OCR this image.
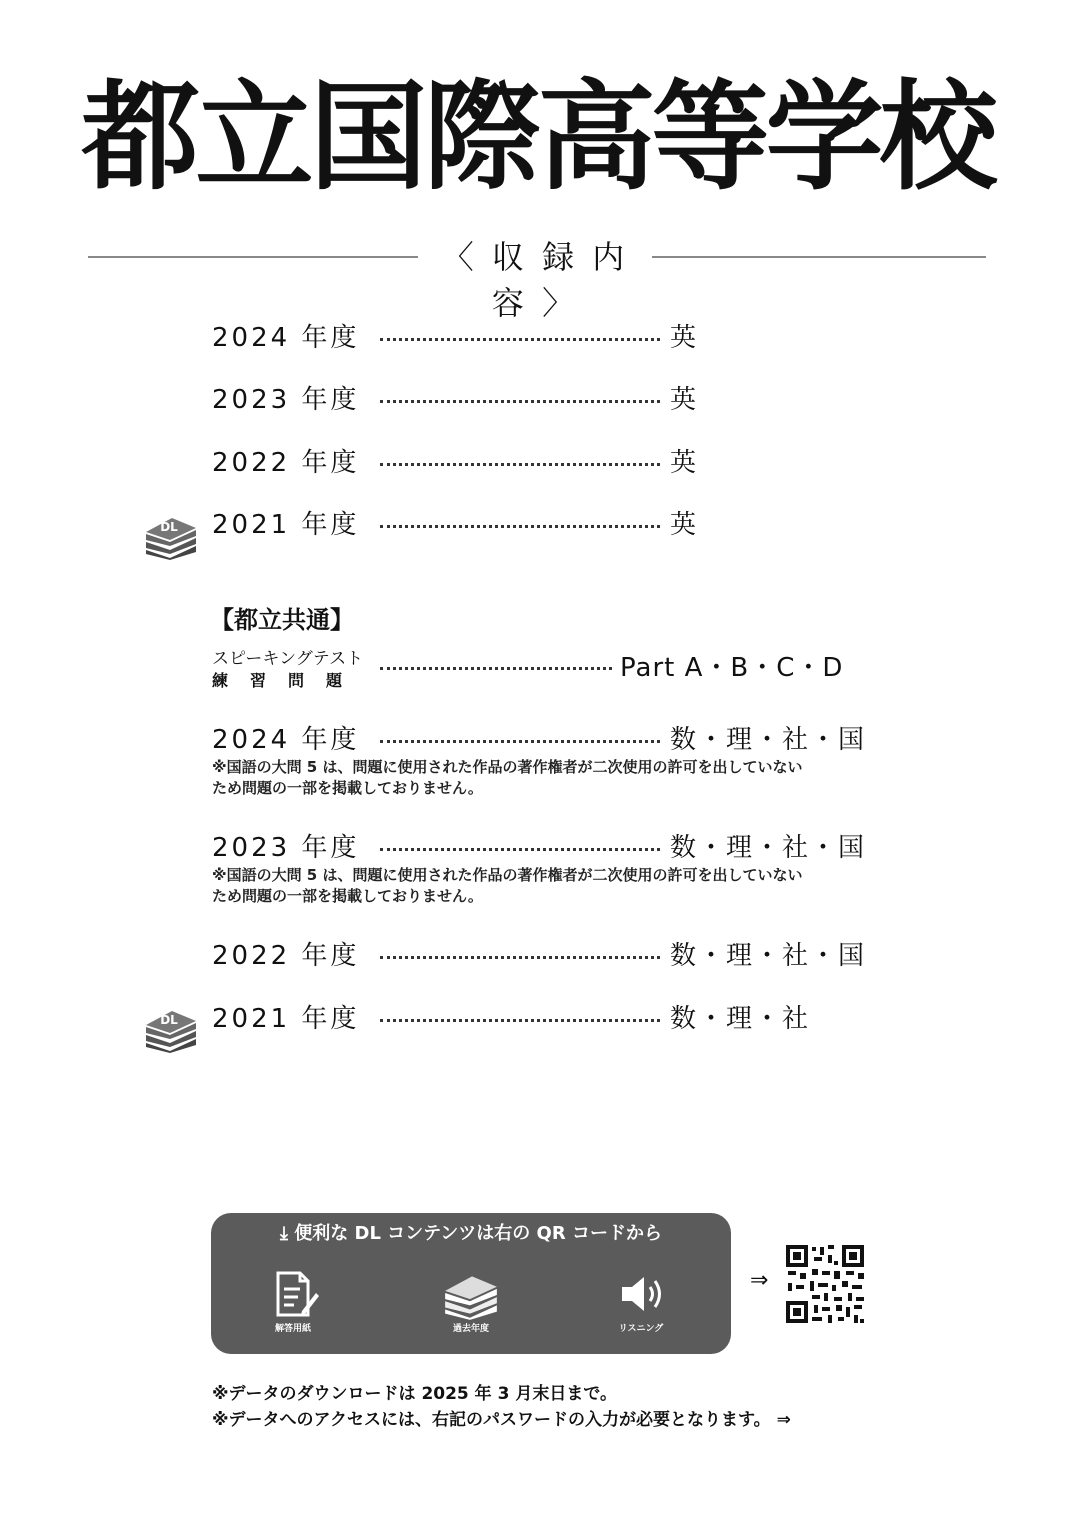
都立国際高等学校
〈 収 録 内 容 〉
2024 年度	英
2023 年度	英
2022 年度	英
2021 年度	英
DL
【都立共通】
スピーキングテスト
練習問題	Part A・B・C・D
2024 年度	数・理・社・国
※国語の大問 5 は、問題に使用された作品の著作権者が二次使用の許可を出していない
ため問題の一部を掲載しておりません。
2023 年度	数・理・社・国
※国語の大問 5 は、問題に使用された作品の著作権者が二次使用の許可を出していない
ため問題の一部を掲載しておりません。
2022 年度	数・理・社・国
2021 年度	数・理・社
DL
⤓ 便利な DL コンテンツは右の QR コードから
解答用紙	過去年度	リスニング
⇒
※データのダウンロードは 2025 年 3 月末日まで。
※データへのアクセスには、右記のパスワードの入力が必要となります。 ⇒
